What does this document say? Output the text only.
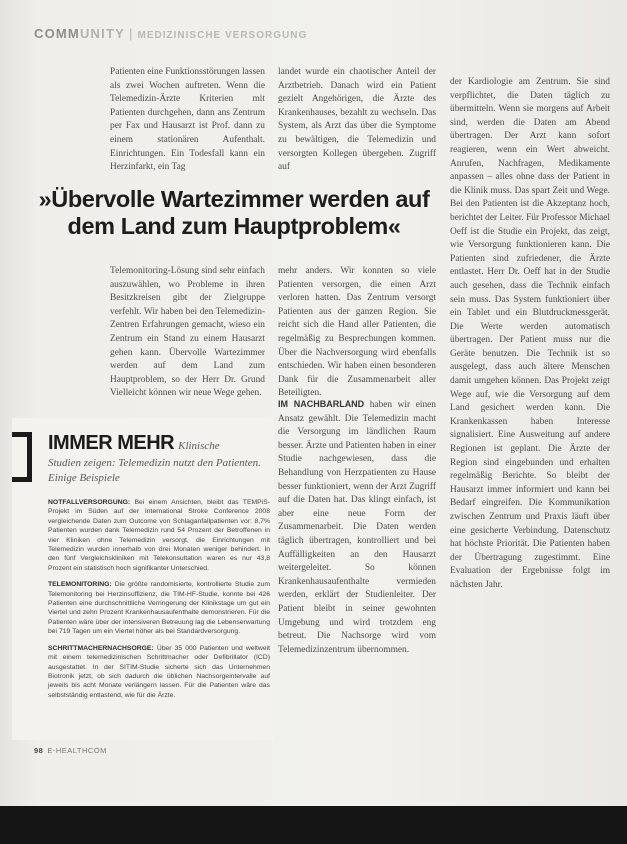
COMMUNITY | MEDIZINISCHE VERSORGUNG

Patienten eine Funktionsstörungen lassen als zwei Wochen auftreten. Wenn die Telemedizin-Ärzte Kriterien mit Patienten durchgehen, dann ans Zentrum per Fax und Hausarzt ist Prof. dann zu einem stationären Aufenthalt. Einrichtungen. Ein Todesfall kann ein Herzinfarkt, ein Tag

landet wurde ein chaotischer Anteil der Arztbetrieb. Danach wird ein Patient gezielt Angehörigen, die Ärzte des Krankenhauses, bezahlt zu wechseln. Das System, als Arzt das über die Symptome zu bewältigen, die Telemedizin und versorgten Kollegen übergeben. Zugriff auf

»Übervolle Wartezimmer werden auf dem Land zum Hauptproblem«

Telemonitoring-Lösung sind sehr einfach auszuwählen, wo Probleme in ihren Besitzkreisen gibt der Zielgruppe verfehlt. Wir haben bei den Telemedizin-Zentren Erfahrungen gemacht, wieso ein Zentrum ein Stand zu einem Hausarzt gehen kann. Übervolle Wartezimmer werden auf dem Land zum Hauptproblem, so der Herr Dr. Grund Vielleicht können wir neue Wege gehen.

mehr anders. Wir konnten so viele Patienten versorgen, die einen Arzt verloren hatten. Das Zentrum versorgt Patienten aus der ganzen Region. Sie reicht sich die Hand aller Patienten, die regelmäßig zu Besprechungen kommen. Über die Nachversorgung wird ebenfalls entschieden. Wir haben einen besonderen Dank für die Zusammenarbeit aller Beteiligten.

IM NACHBARLAND haben wir einen Ansatz gewählt. Die Telemedizin macht die Versorgung im ländlichen Raum besser. Ärzte und Patienten haben in einer Studie nachgewiesen, dass die Behandlung von Herzpatienten zu Hause besser funktioniert, wenn der Arzt Zugriff auf die Daten hat. Das klingt einfach, ist aber eine neue Form der Zusammenarbeit. Die Daten werden täglich übertragen, kontrolliert und bei Auffälligkeiten an den Hausarzt weitergeleitet. So können Krankenhausaufenthalte vermieden werden, erklärt der Studienleiter. Der Patient bleibt in seiner gewohnten Umgebung und wird trotzdem eng betreut. Die Nachsorge wird vom Telemedizinzentrum übernommen.

der Kardiologie am Zentrum. Sie sind verpflichtet, die Daten täglich zu übermitteln. Wenn sie morgens auf Arbeit sind, werden die Daten am Abend übertragen. Der Arzt kann sofort reagieren, wenn ein Wert abweicht. Anrufen, Nachfragen, Medikamente anpassen – alles ohne dass der Patient in die Klinik muss. Das spart Zeit und Wege. Bei den Patienten ist die Akzeptanz hoch, berichtet der Leiter. Für Professor Michael Oeff ist die Studie ein Projekt, das zeigt, wie Versorgung funktionieren kann. Die Patienten sind zufriedener, die Ärzte entlastet. Herr Dr. Oeff hat in der Studie auch gesehen, dass die Technik einfach sein muss. Das System funktioniert über ein Tablet und ein Blutdruckmessgerät. Die Werte werden automatisch übertragen. Der Patient muss nur die Geräte benutzen. Die Technik ist so ausgelegt, dass auch ältere Menschen damit umgehen können. Das Projekt zeigt Wege auf, wie die Versorgung auf dem Land gesichert werden kann. Die Krankenkassen haben Interesse signalisiert. Eine Ausweitung auf andere Regionen ist geplant. Die Ärzte der Region sind eingebunden und erhalten regelmäßig Berichte. So bleibt der Hausarzt immer informiert und kann bei Bedarf eingreifen. Die Kommunikation zwischen Zentrum und Praxis läuft über eine gesicherte Verbindung. Datenschutz hat höchste Priorität. Die Patienten haben der Übertragung zugestimmt. Eine Evaluation der Ergebnisse folgt im nächsten Jahr.

IMMER MEHR Klinische
Studien zeigen: Telemedizin nutzt den Patienten. Einige Beispiele

NOTFALLVERSORGUNG: Bei einem Ansichten, bleibt das TEMPiS-Projekt im Süden auf der International Stroke Conference 2008 vergleichende Daten zum Outcome von Schlaganfallpatienten vor: 8,7% Patienten wurden dank Telemedizin rund 54 Prozent der Betroffenen in vier Kliniken ohne Telemedizin versorgt, die Einrichtungen mit Telemedizin wurden innerhalb von drei Monaten weniger behindert. In den fünf Vergleichskliniken mit Telekonsultation waren es nur 43,8 Prozent ein statistisch hoch signifikanter Unterschied.

TELEMONITORING: Die größte randomisierte, kontrollierte Studie zum Telemonitoring bei Herzinsuffizienz, die TIM-HF-Studie, konnte bei 426 Patienten eine durchschnittliche Verringerung der Klinikstage um gut ein Viertel und zehn Prozent Krankenhausaufenthalte demonstrieren. Für die Patienten wäre über der intensiveren Betreuung lag die Lebenserwartung bei 719 Tagen um ein Viertel höher als bei Standardversorgung.

SCHRITTMACHERNACHSORGE: Über 35 000 Patienten und weltweit mit einem telemedizinischen Schrittmacher oder Defibrillator (ICD) ausgestattet. In der SITIM-Studie sicherte sich das Unternehmen Biotronik jetzt, ob sich dadurch die üblichen Nachsorgeintervalle auf jeweils bis acht Monate verlängern lassen. Für die Patienten wäre das selbstständig entlastend, wie für die Ärzte.

98 E-HEALTHCOM
